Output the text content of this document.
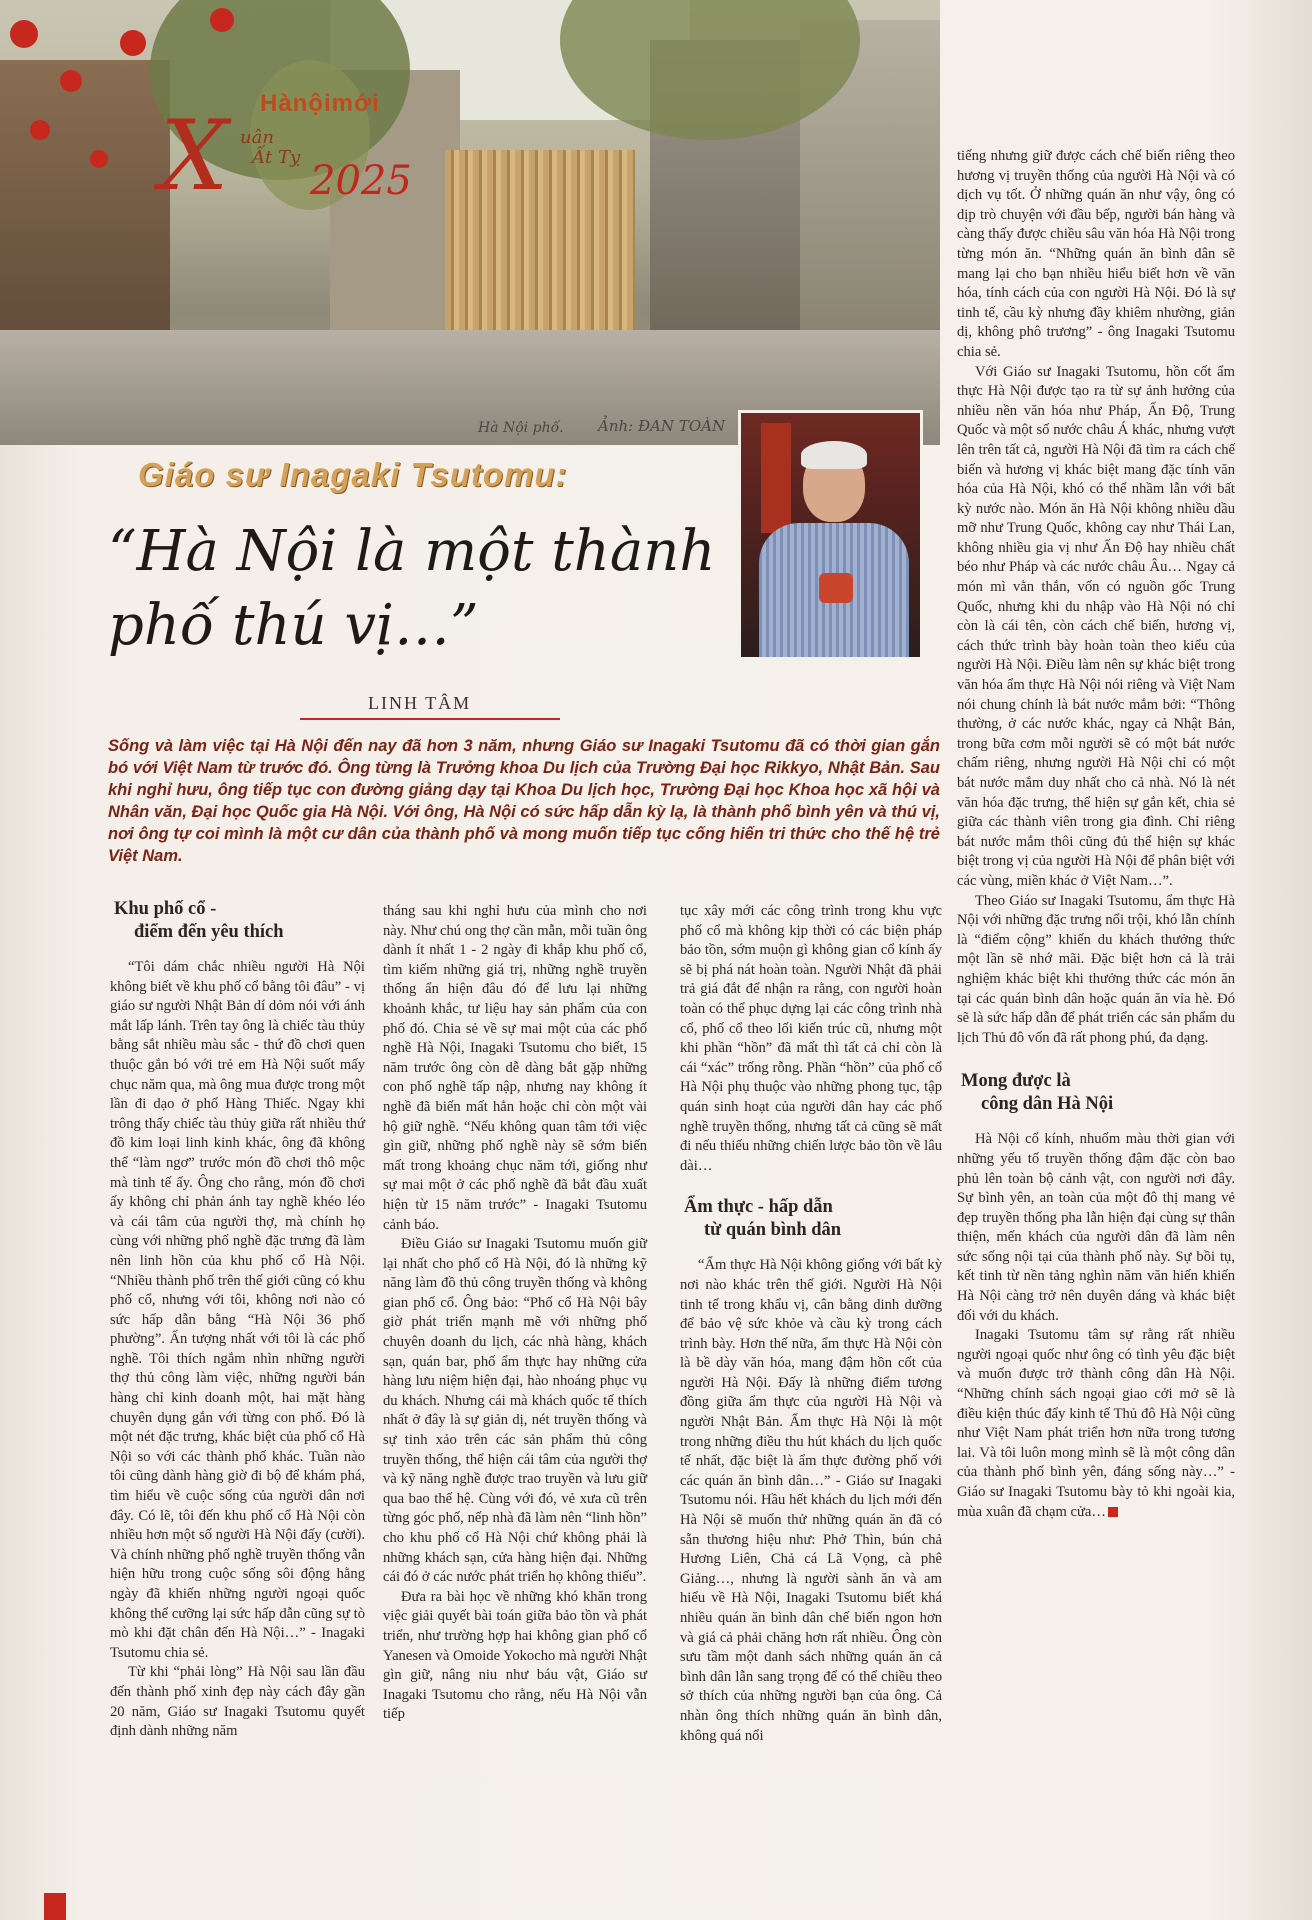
Hànộimới
X uân
Ất Tỵ
2025
Hà Nội phố. Ảnh: ĐAN TOÀN
Giáo sư Inagaki Tsutomu:
“Hà Nội là một thành phố thú vị…”
LINH TÂM
Sống và làm việc tại Hà Nội đến nay đã hơn 3 năm, nhưng Giáo sư Inagaki Tsutomu đã có thời gian gắn bó với Việt Nam từ trước đó. Ông từng là Trưởng khoa Du lịch của Trường Đại học Rikkyo, Nhật Bản. Sau khi nghỉ hưu, ông tiếp tục con đường giảng dạy tại Khoa Du lịch học, Trường Đại học Khoa học xã hội và Nhân văn, Đại học Quốc gia Hà Nội. Với ông, Hà Nội có sức hấp dẫn kỳ lạ, là thành phố bình yên và thú vị, nơi ông tự coi mình là một cư dân của thành phố và mong muốn tiếp tục cống hiến tri thức cho thế hệ trẻ Việt Nam.
Khu phố cổ -
điểm đến yêu thích

“Tôi dám chắc nhiều người Hà Nội không biết về khu phố cổ bằng tôi đâu” - vị giáo sư người Nhật Bản dí dỏm nói với ánh mắt lấp lánh. Trên tay ông là chiếc tàu thủy bằng sắt nhiều màu sắc - thứ đồ chơi quen thuộc gắn bó với trẻ em Hà Nội suốt mấy chục năm qua, mà ông mua được trong một lần đi dạo ở phố Hàng Thiếc. Ngay khi trông thấy chiếc tàu thủy giữa rất nhiều thứ đồ kim loại linh kinh khác, ông đã không thể “làm ngơ” trước món đồ chơi thô mộc mà tinh tế ấy. Ông cho rằng, món đồ chơi ấy không chỉ phản ánh tay nghề khéo léo và cái tâm của người thợ, mà chính họ cùng với những phố nghề đặc trưng đã làm nên linh hồn của khu phố cổ Hà Nội. “Nhiều thành phố trên thế giới cũng có khu phố cổ, nhưng với tôi, không nơi nào có sức hấp dẫn bằng “Hà Nội 36 phố phường”. Ấn tượng nhất với tôi là các phố nghề. Tôi thích ngắm nhìn những người thợ thủ công làm việc, những người bán hàng chỉ kinh doanh một, hai mặt hàng chuyên dụng gắn với từng con phố. Đó là một nét đặc trưng, khác biệt của phố cổ Hà Nội so với các thành phố khác. Tuần nào tôi cũng dành hàng giờ đi bộ để khám phá, tìm hiểu về cuộc sống của người dân nơi đây. Có lẽ, tôi đến khu phố cổ Hà Nội còn nhiều hơn một số người Hà Nội đấy (cười). Và chính những phố nghề truyền thống vẫn hiện hữu trong cuộc sống sôi động hằng ngày đã khiến những người ngoại quốc không thể cưỡng lại sức hấp dẫn cũng sự tò mò khi đặt chân đến Hà Nội…” - Inagaki Tsutomu chia sẻ.

Từ khi “phải lòng” Hà Nội sau lần đầu đến thành phố xinh đẹp này cách đây gần 20 năm, Giáo sư Inagaki Tsutomu quyết định dành những năm

tháng sau khi nghỉ hưu của mình cho nơi này. Như chú ong thợ cần mẫn, mỗi tuần ông dành ít nhất 1 - 2 ngày đi khắp khu phố cổ, tìm kiếm những giá trị, những nghề truyền thống ẩn hiện đâu đó để lưu lại những khoảnh khắc, tư liệu hay sản phẩm của con phố đó. Chia sẻ về sự mai một của các phố nghề Hà Nội, Inagaki Tsutomu cho biết, 15 năm trước ông còn dễ dàng bắt gặp những con phố nghề tấp nập, nhưng nay không ít nghề đã biến mất hẳn hoặc chỉ còn một vài hộ giữ nghề. “Nếu không quan tâm tới việc gìn giữ, những phố nghề này sẽ sớm biến mất trong khoảng chục năm tới, giống như sự mai một ở các phố nghề đã bắt đầu xuất hiện từ 15 năm trước” - Inagaki Tsutomu cảnh báo.

Điều Giáo sư Inagaki Tsutomu muốn giữ lại nhất cho phố cổ Hà Nội, đó là những kỹ năng làm đồ thủ công truyền thống và không gian phố cổ. Ông bảo: “Phố cổ Hà Nội bây giờ phát triển mạnh mẽ với những phố chuyên doanh du lịch, các nhà hàng, khách sạn, quán bar, phố ẩm thực hay những cửa hàng lưu niệm hiện đại, hào nhoáng phục vụ du khách. Nhưng cái mà khách quốc tế thích nhất ở đây là sự giản dị, nét truyền thống và sự tinh xảo trên các sản phẩm thủ công truyền thống, thể hiện cái tâm của người thợ và kỹ năng nghề được trao truyền và lưu giữ qua bao thế hệ. Cùng với đó, vẻ xưa cũ trên từng góc phố, nếp nhà đã làm nên “linh hồn” cho khu phố cổ Hà Nội chứ không phải là những khách sạn, cửa hàng hiện đại. Những cái đó ở các nước phát triển họ không thiếu”.

Đưa ra bài học về những khó khăn trong việc giải quyết bài toán giữa bảo tồn và phát triển, như trường hợp hai không gian phố cổ Yanesen và Omoide Yokocho mà người Nhật gìn giữ, nâng niu như báu vật, Giáo sư Inagaki Tsutomu cho rằng, nếu Hà Nội vẫn tiếp

tục xây mới các công trình trong khu vực phố cổ mà không kịp thời có các biện pháp bảo tồn, sớm muộn gì không gian cổ kính ấy sẽ bị phá nát hoàn toàn. Người Nhật đã phải trả giá đắt để nhận ra rằng, con người hoàn toàn có thể phục dựng lại các công trình nhà cổ, phố cổ theo lối kiến trúc cũ, nhưng một khi phần “hồn” đã mất thì tất cả chỉ còn là cái “xác” trống rỗng. Phần “hồn” của phố cổ Hà Nội phụ thuộc vào những phong tục, tập quán sinh hoạt của người dân hay các phố nghề truyền thống, nhưng tất cả cũng sẽ mất đi nếu thiếu những chiến lược bảo tồn về lâu dài…

Ẩm thực - hấp dẫn
từ quán bình dân

“Ẩm thực Hà Nội không giống với bất kỳ nơi nào khác trên thế giới. Người Hà Nội tinh tế trong khẩu vị, cân bằng dinh dưỡng để bảo vệ sức khỏe và cầu kỳ trong cách trình bày. Hơn thế nữa, ẩm thực Hà Nội còn là bề dày văn hóa, mang đậm hồn cốt của người Hà Nội. Đấy là những điểm tương đồng giữa ẩm thực của người Hà Nội và người Nhật Bản. Ẩm thực Hà Nội là một trong những điều thu hút khách du lịch quốc tế nhất, đặc biệt là ẩm thực đường phố với các quán ăn bình dân…” - Giáo sư Inagaki Tsutomu nói. Hầu hết khách du lịch mới đến Hà Nội sẽ muốn thử những quán ăn đã có sẵn thương hiệu như: Phở Thìn, bún chả Hương Liên, Chả cá Lã Vọng, cà phê Giảng…, nhưng là người sành ăn và am hiểu về Hà Nội, Inagaki Tsutomu biết khá nhiều quán ăn bình dân chế biến ngon hơn và giá cả phải chăng hơn rất nhiều. Ông còn sưu tầm một danh sách những quán ăn cả bình dân lẫn sang trọng để có thể chiều theo sở thích của những người bạn của ông. Cả nhàn ông thích những quán ăn bình dân, không quá nổi

tiếng nhưng giữ được cách chế biến riêng theo hương vị truyền thống của người Hà Nội và có dịch vụ tốt. Ở những quán ăn như vậy, ông có dịp trò chuyện với đầu bếp, người bán hàng và càng thấy được chiều sâu văn hóa Hà Nội trong từng món ăn. “Những quán ăn bình dân sẽ mang lại cho bạn nhiều hiểu biết hơn về văn hóa, tính cách của con người Hà Nội. Đó là sự tinh tế, cầu kỳ nhưng đầy khiêm nhường, giản dị, không phô trương” - ông Inagaki Tsutomu chia sẻ.

Với Giáo sư Inagaki Tsutomu, hồn cốt ẩm thực Hà Nội được tạo ra từ sự ảnh hưởng của nhiều nền văn hóa như Pháp, Ấn Độ, Trung Quốc và một số nước châu Á khác, nhưng vượt lên trên tất cả, người Hà Nội đã tìm ra cách chế biến và hương vị khác biệt mang đặc tính văn hóa của Hà Nội, khó có thể nhầm lẫn với bất kỳ nước nào. Món ăn Hà Nội không nhiều dầu mỡ như Trung Quốc, không cay như Thái Lan, không nhiều gia vị như Ấn Độ hay nhiều chất béo như Pháp và các nước châu Âu… Ngay cả món mì vằn thắn, vốn có nguồn gốc Trung Quốc, nhưng khi du nhập vào Hà Nội nó chỉ còn là cái tên, còn cách chế biến, hương vị, cách thức trình bày hoàn toàn theo kiểu của người Hà Nội. Điều làm nên sự khác biệt trong văn hóa ẩm thực Hà Nội nói riêng và Việt Nam nói chung chính là bát nước mắm bởi: “Thông thường, ở các nước khác, ngay cả Nhật Bản, trong bữa cơm mỗi người sẽ có một bát nước chấm riêng, nhưng người Hà Nội chỉ có một bát nước mắm duy nhất cho cả nhà. Nó là nét văn hóa đặc trưng, thể hiện sự gắn kết, chia sẻ giữa các thành viên trong gia đình. Chỉ riêng bát nước mắm thôi cũng đủ thể hiện sự khác biệt trong vị của người Hà Nội để phân biệt với các vùng, miền khác ở Việt Nam…”.

Theo Giáo sư Inagaki Tsutomu, ẩm thực Hà Nội với những đặc trưng nổi trội, khó lẫn chính là “điểm cộng” khiến du khách thưởng thức một lần sẽ nhớ mãi. Đặc biệt hơn cả là trải nghiệm khác biệt khi thưởng thức các món ăn tại các quán bình dân hoặc quán ăn vỉa hè. Đó sẽ là sức hấp dẫn để phát triển các sản phẩm du lịch Thủ đô vốn đã rất phong phú, đa dạng.

Mong được là
công dân Hà Nội

Hà Nội cổ kính, nhuốm màu thời gian với những yếu tố truyền thống đậm đặc còn bao phủ lên toàn bộ cảnh vật, con người nơi đây. Sự bình yên, an toàn của một đô thị mang vẻ đẹp truyền thống pha lẫn hiện đại cùng sự thân thiện, mến khách của người dân đã làm nên sức sống nội tại của thành phố này. Sự bồi tụ, kết tinh từ nền tảng nghìn năm văn hiến khiến Hà Nội càng trở nên duyên dáng và khác biệt đối với du khách.

Inagaki Tsutomu tâm sự rằng rất nhiều người ngoại quốc như ông có tình yêu đặc biệt và muốn được trở thành công dân Hà Nội. “Những chính sách ngoại giao cởi mở sẽ là điều kiện thúc đẩy kinh tế Thủ đô Hà Nội cũng như Việt Nam phát triển hơn nữa trong tương lai. Và tôi luôn mong mình sẽ là một công dân của thành phố bình yên, đáng sống này…” - Giáo sư Inagaki Tsutomu bày tỏ khi ngoài kia, mùa xuân đã chạm cửa…
